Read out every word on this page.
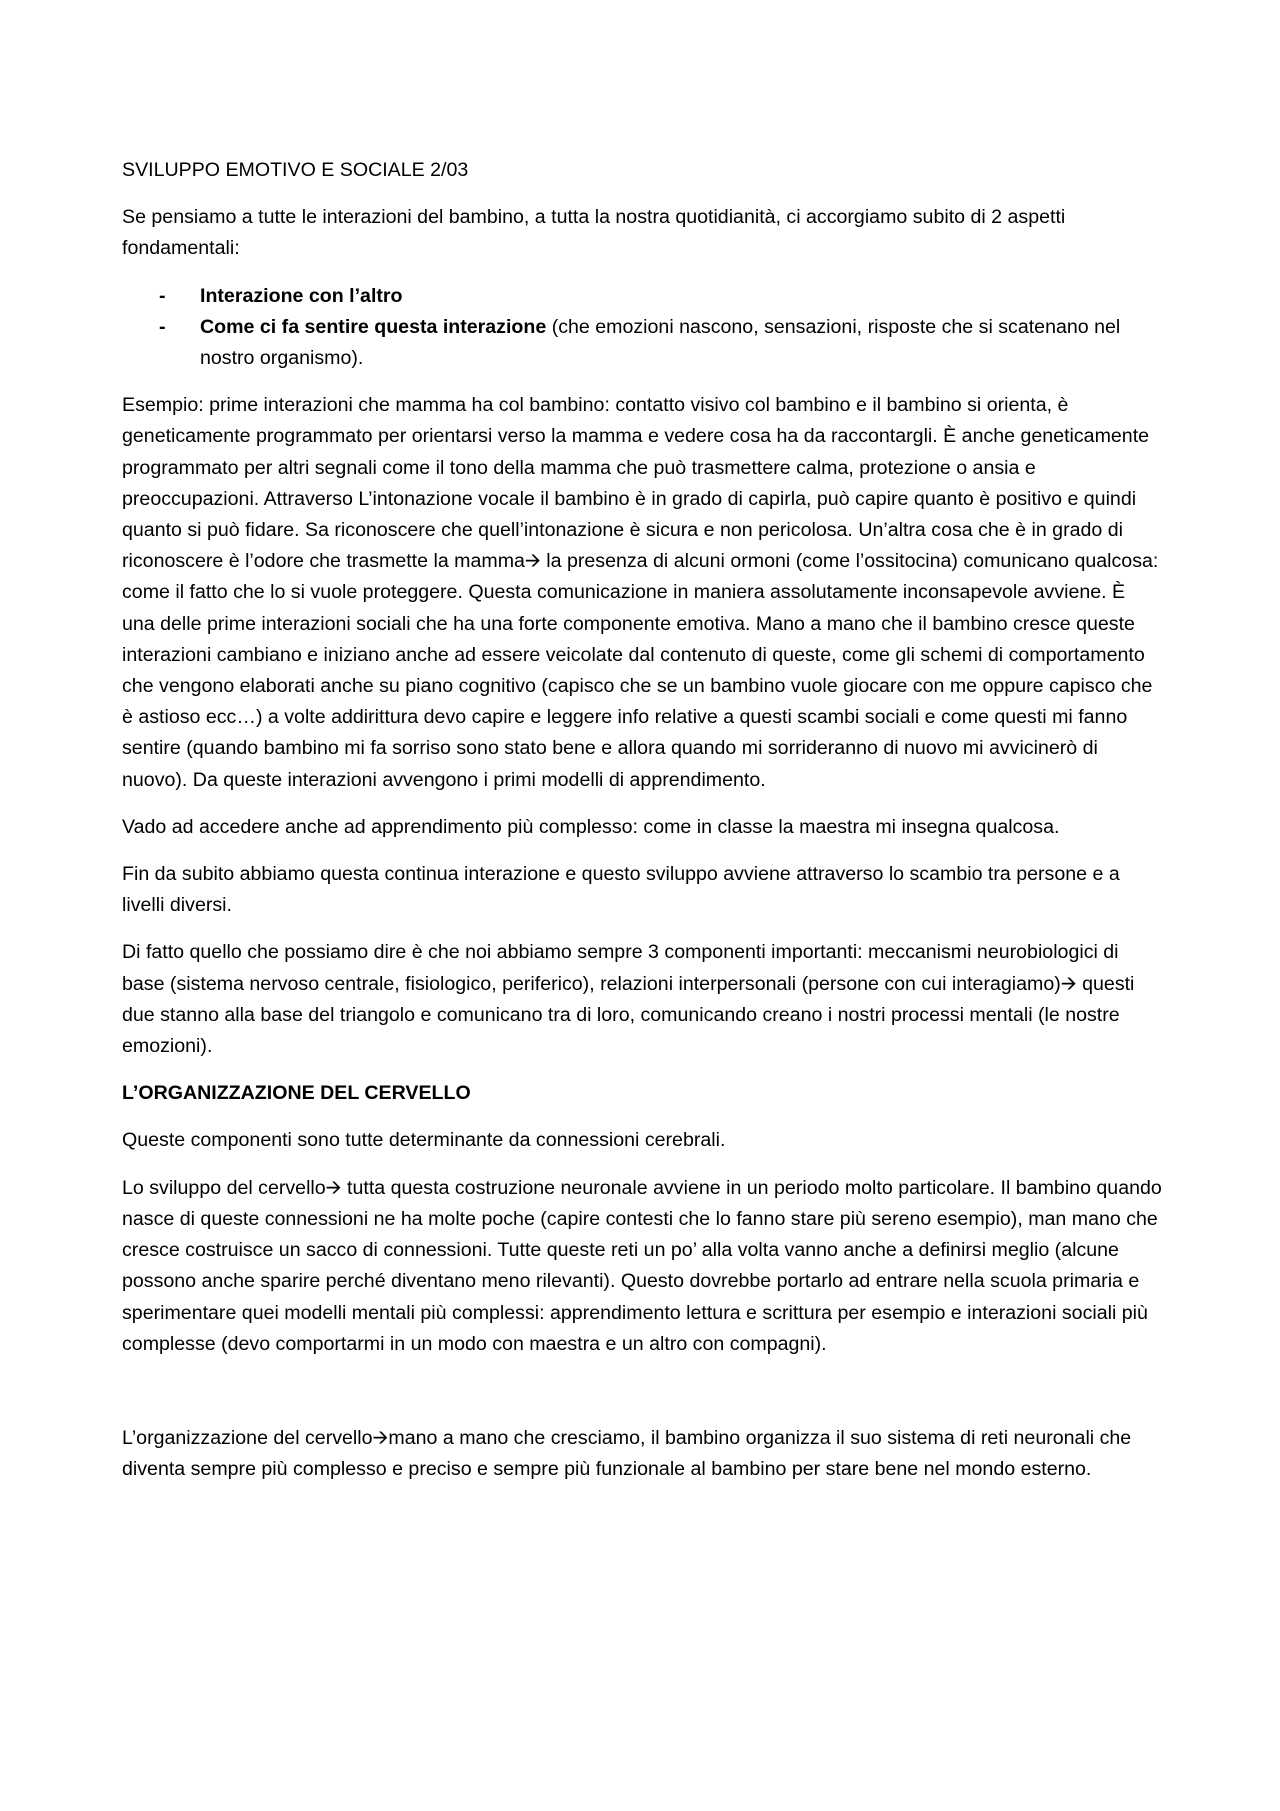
SVILUPPO EMOTIVO E SOCIALE 2/03

Se pensiamo a tutte le interazioni del bambino, a tutta la nostra quotidianità, ci accorgiamo subito di 2 aspetti fondamentali:

- Interazione con l’altro
- Come ci fa sentire questa interazione (che emozioni nascono, sensazioni, risposte che si scatenano nel nostro organismo).

Esempio: prime interazioni che mamma ha col bambino: contatto visivo col bambino e il bambino si orienta, è geneticamente programmato per orientarsi verso la mamma e vedere cosa ha da raccontargli. È anche geneticamente programmato per altri segnali come il tono della mamma che può trasmettere calma, protezione o ansia e preoccupazioni. Attraverso L’intonazione vocale il bambino è in grado di capirla, può capire quanto è positivo e quindi quanto si può fidare. Sa riconoscere che quell’intonazione è sicura e non pericolosa. Un’altra cosa che è in grado di riconoscere è l’odore che trasmette la mamma🡪 la presenza di alcuni ormoni (come l’ossitocina) comunicano qualcosa: come il fatto che lo si vuole proteggere. Questa comunicazione in maniera assolutamente inconsapevole avviene. È una delle prime interazioni sociali che ha una forte componente emotiva. Mano a mano che il bambino cresce queste interazioni cambiano e iniziano anche ad essere veicolate dal contenuto di queste, come gli schemi di comportamento che vengono elaborati anche su piano cognitivo (capisco che se un bambino vuole giocare con me oppure capisco che è astioso ecc…) a volte addirittura devo capire e leggere info relative a questi scambi sociali e come questi mi fanno sentire (quando bambino mi fa sorriso sono stato bene e allora quando mi sorrideranno di nuovo mi avvicinerò di nuovo). Da queste interazioni avvengono i primi modelli di apprendimento.

Vado ad accedere anche ad apprendimento più complesso: come in classe la maestra mi insegna qualcosa.

Fin da subito abbiamo questa continua interazione e questo sviluppo avviene attraverso lo scambio tra persone e a livelli diversi.

Di fatto quello che possiamo dire è che noi abbiamo sempre 3 componenti importanti: meccanismi neurobiologici di base (sistema nervoso centrale, fisiologico, periferico), relazioni interpersonali (persone con cui interagiamo)🡪 questi due stanno alla base del triangolo e comunicano tra di loro, comunicando creano i nostri processi mentali (le nostre emozioni).

L’ORGANIZZAZIONE DEL CERVELLO

Queste componenti sono tutte determinante da connessioni cerebrali.

Lo sviluppo del cervello🡪 tutta questa costruzione neuronale avviene in un periodo molto particolare. Il bambino quando nasce di queste connessioni ne ha molte poche (capire contesti che lo fanno stare più sereno esempio), man mano che cresce costruisce un sacco di connessioni. Tutte queste reti un po’ alla volta vanno anche a definirsi meglio (alcune possono anche sparire perché diventano meno rilevanti). Questo dovrebbe portarlo ad entrare nella scuola primaria e sperimentare quei modelli mentali più complessi: apprendimento lettura e scrittura per esempio e interazioni sociali più complesse (devo comportarmi in un modo con maestra e un altro con compagni).

L’organizzazione del cervello🡪mano a mano che cresciamo, il bambino organizza il suo sistema di reti neuronali che diventa sempre più complesso e preciso e sempre più funzionale al bambino per stare bene nel mondo esterno.
